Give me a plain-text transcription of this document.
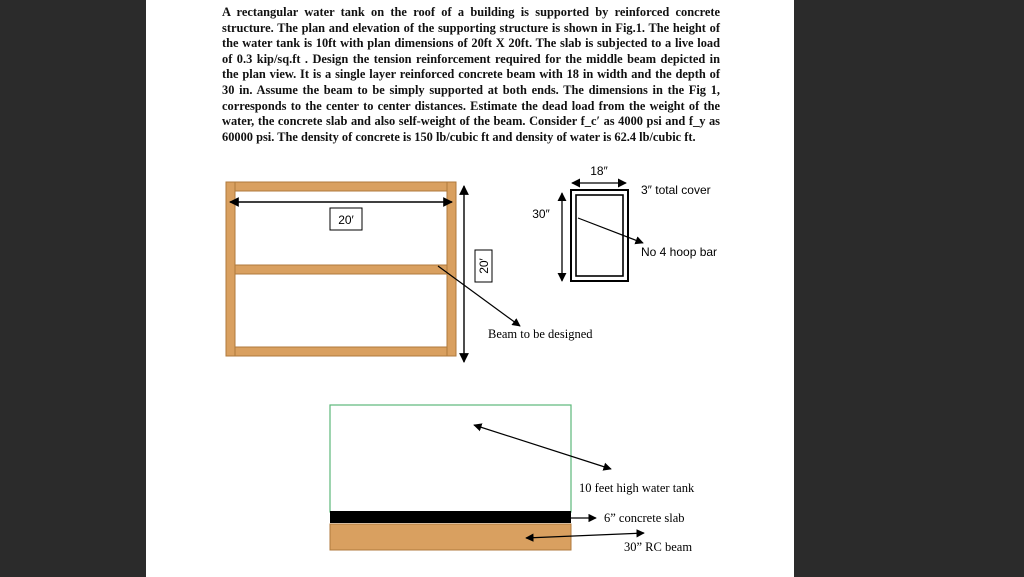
A rectangular water tank on the roof of a building is supported by reinforced concrete structure. The plan and elevation of the supporting structure is shown in Fig.1. The height of the water tank is 10ft with plan dimensions of 20ft X 20ft. The slab is subjected to a live load of 0.3 kip/sq.ft . Design the tension reinforcement required for the middle beam depicted in the plan view. It is a single layer reinforced concrete beam with 18 in width and the depth of 30 in. Assume the beam to be simply supported at both ends. The dimensions in the Fig 1, corresponds to the center to center distances. Estimate the dead load from the weight of the water, the concrete slab and also self-weight of the beam. Consider f_c′ as 4000 psi and f_y as 60000 psi. The density of concrete is 150 lb/cubic ft and density of water is 62.4 lb/cubic ft.
20′
20′
Beam to be designed
18″
30″
3″ total cover
No 4 hoop bar
10 feet high water tank
6” concrete slab
30” RC beam
